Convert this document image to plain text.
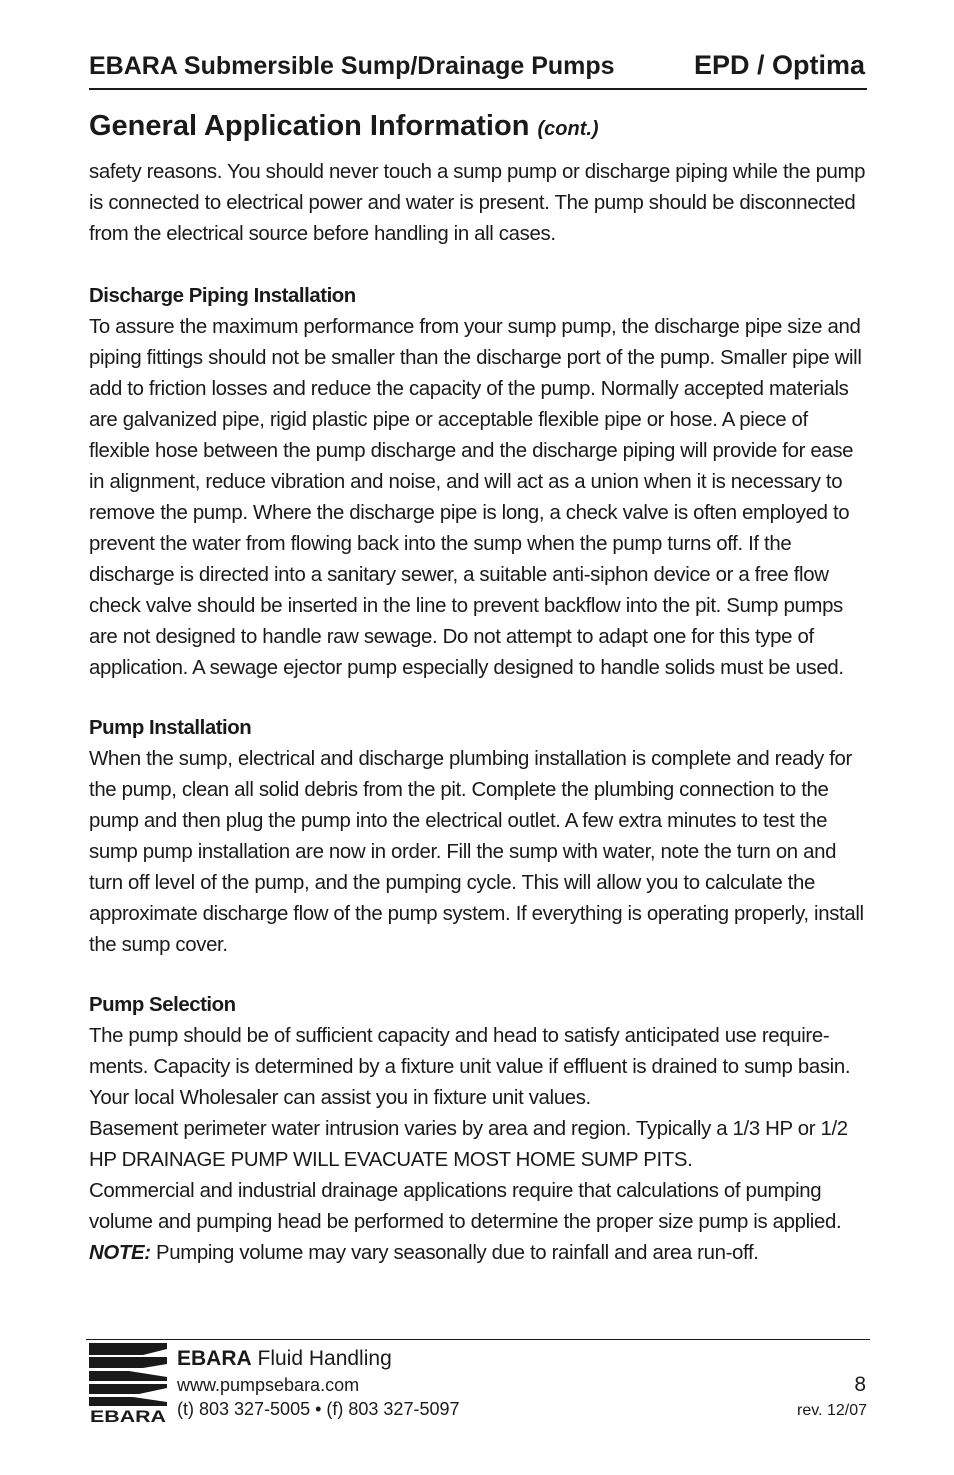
EBARA Submersible Sump/Drainage Pumps	EPD / Optima
General Application Information (cont.)

safety reasons. You should never touch a sump pump or discharge piping while the pump is connected to electrical power and water is present. The pump should be disconnected from the electrical source before handling in all cases.

Discharge Piping Installation

To assure the maximum performance from your sump pump, the discharge pipe size and piping fittings should not be smaller than the discharge port of the pump. Smaller pipe will add to friction losses and reduce the capacity of the pump. Normally accepted materials are galvanized pipe, rigid plastic pipe or acceptable flexible pipe or hose. A piece of flexible hose between the pump discharge and the discharge piping will provide for ease in alignment, reduce vibration and noise, and will act as a union when it is necessary to remove the pump. Where the discharge pipe is long, a check valve is often employed to prevent the water from flowing back into the sump when the pump turns off. If the discharge is directed into a sanitary sewer, a suitable anti-siphon device or a free flow check valve should be inserted in the line to prevent backflow into the pit. Sump pumps are not designed to handle raw sewage. Do not attempt to adapt one for this type of application. A sewage ejector pump especially designed to handle solids must be used.

Pump Installation

When the sump, electrical and discharge plumbing installation is complete and ready for the pump, clean all solid debris from the pit. Complete the plumbing connection to the pump and then plug the pump into the electrical outlet. A few extra minutes to test the sump pump installation are now in order. Fill the sump with water, note the turn on and turn off level of the pump, and the pumping cycle. This will allow you to calculate the approximate discharge flow of the pump system. If everything is operating properly, install the sump cover.

Pump Selection

The pump should be of sufficient capacity and head to satisfy anticipated use require-ments. Capacity is determined by a fixture unit value if effluent is drained to sump basin. Your local Wholesaler can assist you in fixture unit values.

Basement perimeter water intrusion varies by area and region. Typically a 1/3 HP or 1/2 HP DRAINAGE PUMP WILL EVACUATE MOST HOME SUMP PITS.

Commercial and industrial drainage applications require that calculations of pumping volume and pumping head be performed to determine the proper size pump is applied.

NOTE: Pumping volume may vary seasonally due to rainfall and area run-off.

EBARA
EBARA Fluid Handling
www.pumpsebara.com
(t) 803 327-5005 • (f) 803 327-5097
8
rev. 12/07
